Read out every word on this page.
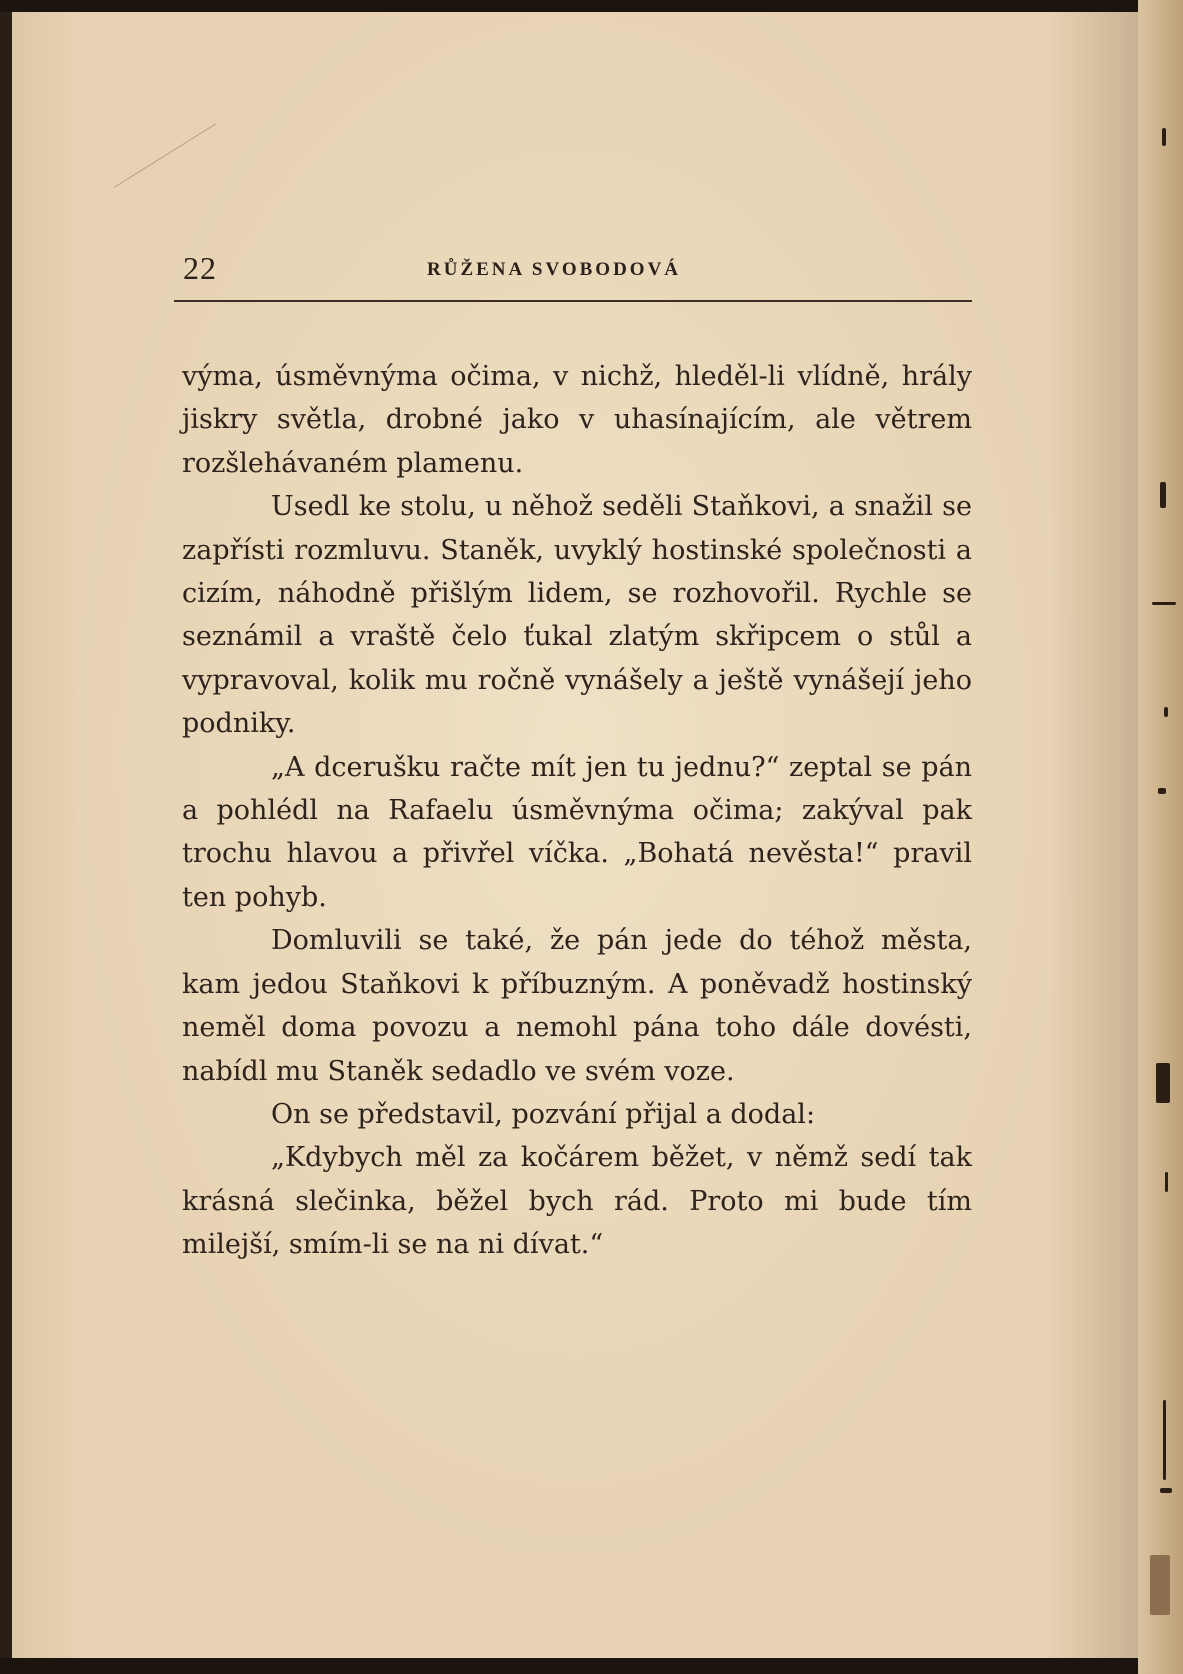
22	RŮŽENA SVOBODOVÁ

výma, úsměvnýma očima, v nichž, hleděl-li vlídně, hrály jiskry světla, drobné jako v uhasínajícím, ale větrem rozšlehávaném plamenu.

Usedl ke stolu, u něhož seděli Staňkovi, a snažil se zapřísti rozmluvu. Staněk, uvyklý hostinské společnosti a cizím, náhodně přišlým lidem, se rozhovořil. Rychle se seznámil a vraště čelo ťukal zlatým skřipcem o stůl a vypravoval, kolik mu ročně vynášely a ještě vynášejí jeho podniky.

„A dcerušku račte mít jen tu jednu?“ zeptal se pán a pohlédl na Rafaelu úsměvnýma očima; zakýval pak trochu hlavou a přivřel víčka. „Bohatá nevěsta!“ pravil ten pohyb.

Domluvili se také, že pán jede do téhož města, kam jedou Staňkovi k příbuzným. A poněvadž hostinský neměl doma povozu a nemohl pána toho dále dovésti, nabídl mu Staněk sedadlo ve svém voze.

On se představil, pozvání přijal a dodal:

„Kdybych měl za kočárem běžet, v němž sedí tak krásná slečinka, běžel bych rád. Proto mi bude tím milejší, smím-li se na ni dívat.“
